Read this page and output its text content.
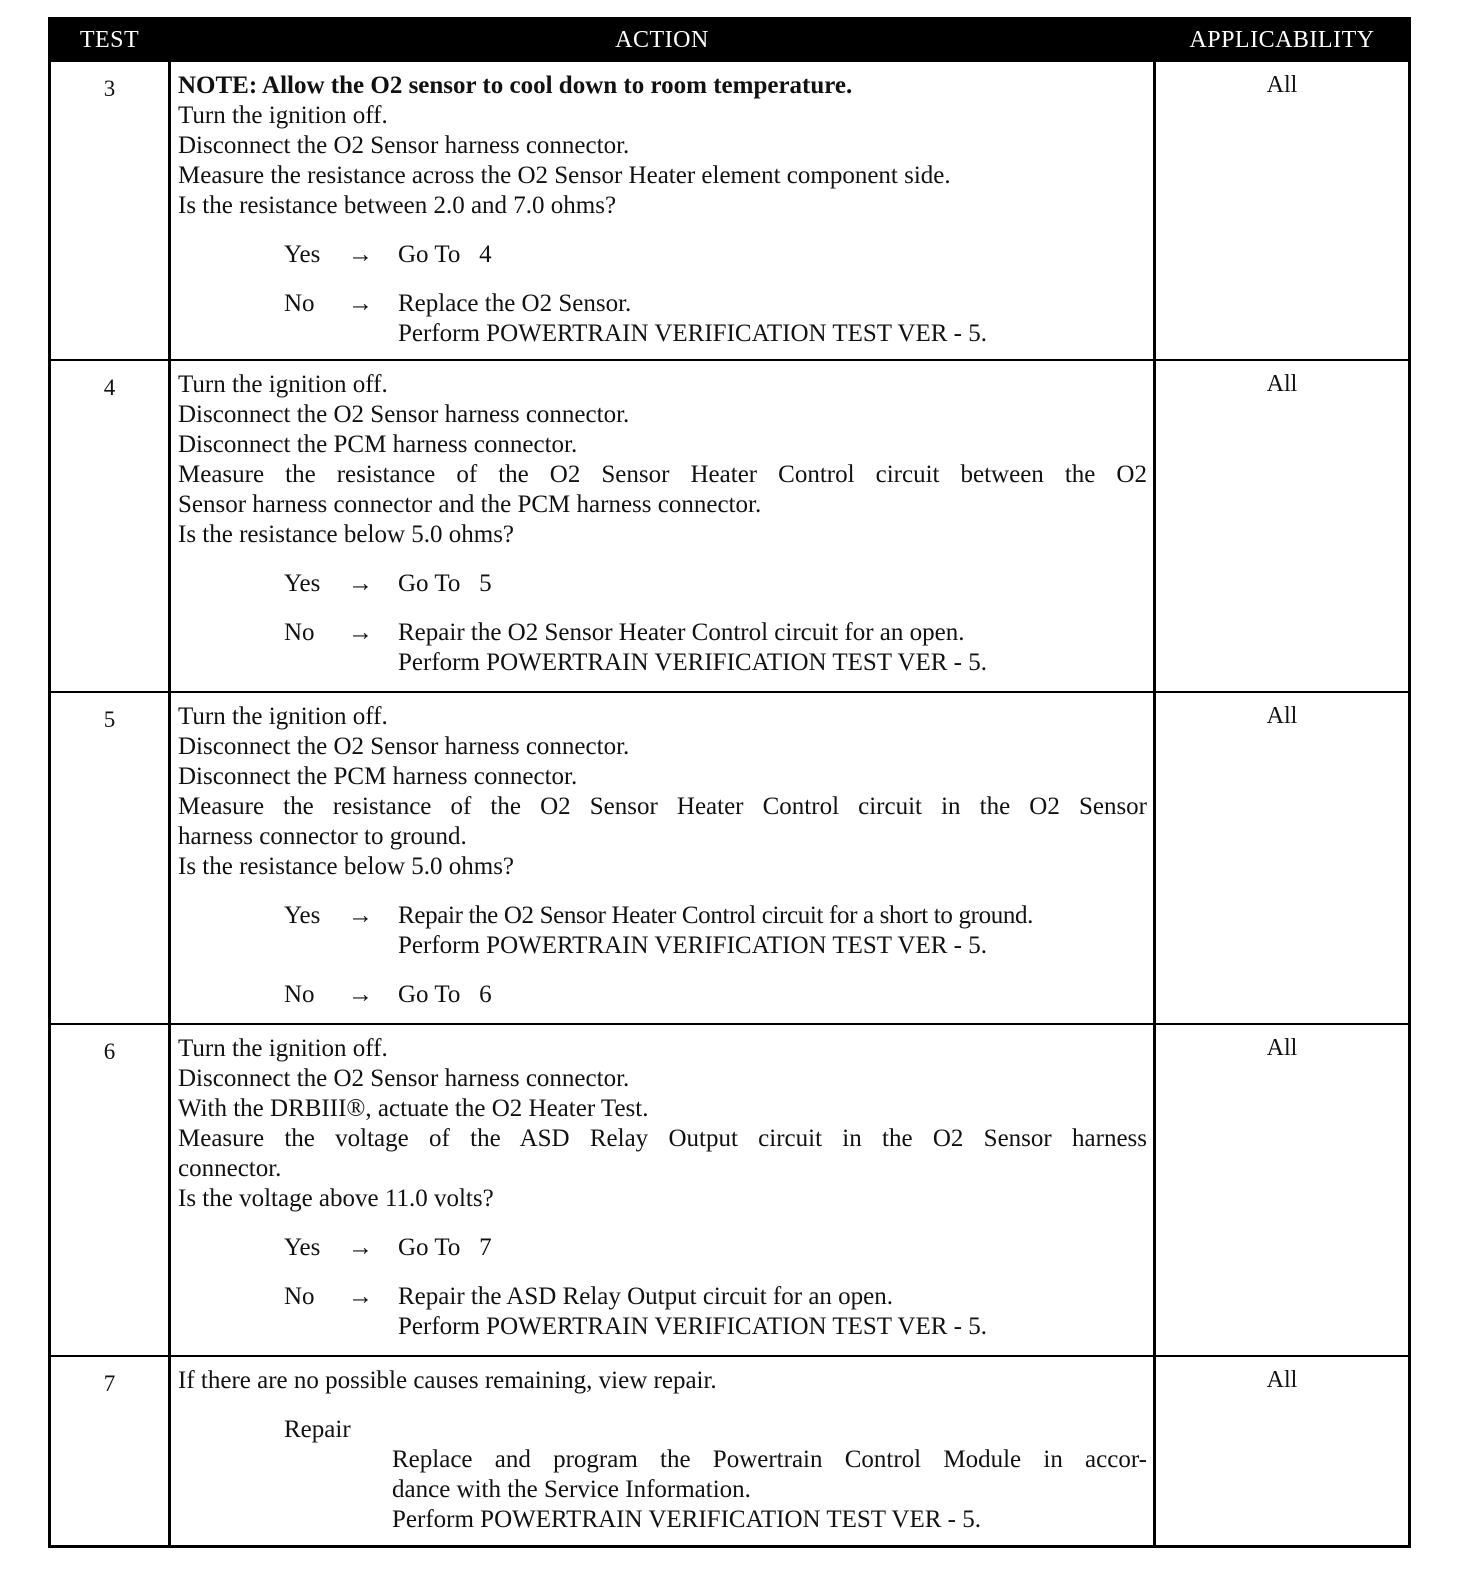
TEST	ACTION	APPLICABILITY
3	NOTE: Allow the O2 sensor to cool down to room temperature.
Turn the ignition off.
Disconnect the O2 Sensor harness connector.
Measure the resistance across the O2 Sensor Heater element component side.
Is the resistance between 2.0 and 7.0 ohms?
Yes	→	Go To   4
No	→	Replace the O2 Sensor.
Perform POWERTRAIN VERIFICATION TEST VER - 5.
All
4	Turn the ignition off.
Disconnect the O2 Sensor harness connector.
Disconnect the PCM harness connector.
Measure the resistance of the O2 Sensor Heater Control circuit between the O2
Sensor harness connector and the PCM harness connector.
Is the resistance below 5.0 ohms?
Yes	→	Go To   5
No	→	Repair the O2 Sensor Heater Control circuit for an open.
Perform POWERTRAIN VERIFICATION TEST VER - 5.
All
5	Turn the ignition off.
Disconnect the O2 Sensor harness connector.
Disconnect the PCM harness connector.
Measure the resistance of the O2 Sensor Heater Control circuit in the O2 Sensor
harness connector to ground.
Is the resistance below 5.0 ohms?
Yes	→	Repair the O2 Sensor Heater Control circuit for a short to ground.
Perform POWERTRAIN VERIFICATION TEST VER - 5.
No	→	Go To   6
All
6	Turn the ignition off.
Disconnect the O2 Sensor harness connector.
With the DRBIII®, actuate the O2 Heater Test.
Measure the voltage of the ASD Relay Output circuit in the O2 Sensor harness
connector.
Is the voltage above 11.0 volts?
Yes	→	Go To   7
No	→	Repair the ASD Relay Output circuit for an open.
Perform POWERTRAIN VERIFICATION TEST VER - 5.
All
7	If there are no possible causes remaining, view repair.
Repair
Replace and program the Powertrain Control Module in accor-
dance with the Service Information.
Perform POWERTRAIN VERIFICATION TEST VER - 5.
All
